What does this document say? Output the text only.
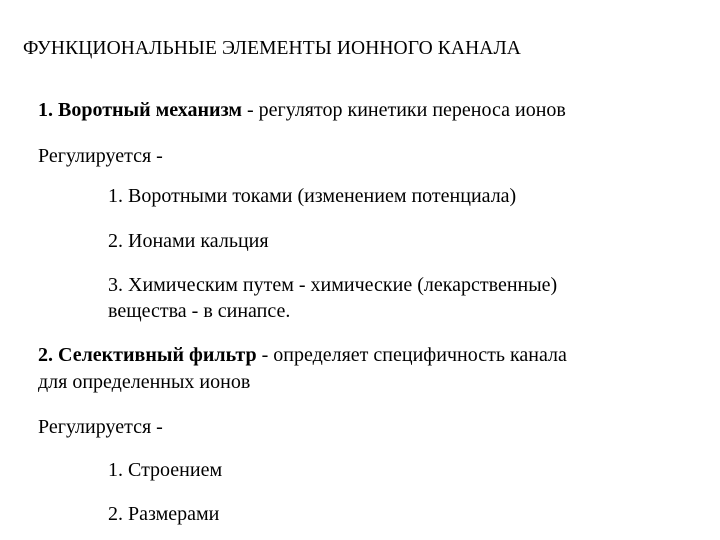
ФУНКЦИОНАЛЬНЫЕ ЭЛЕМЕНТЫ ИОННОГО КАНАЛА
1. Воротный механизм - регулятор кинетики переноса ионов
Регулируется -
1. Воротными токами (изменением потенциала)
2. Ионами кальция
3. Химическим путем - химические (лекарственные)
вещества - в синапсе.
2. Селективный фильтр - определяет специфичность канала
для определенных ионов
Регулируется -
1. Строением
2. Размерами
